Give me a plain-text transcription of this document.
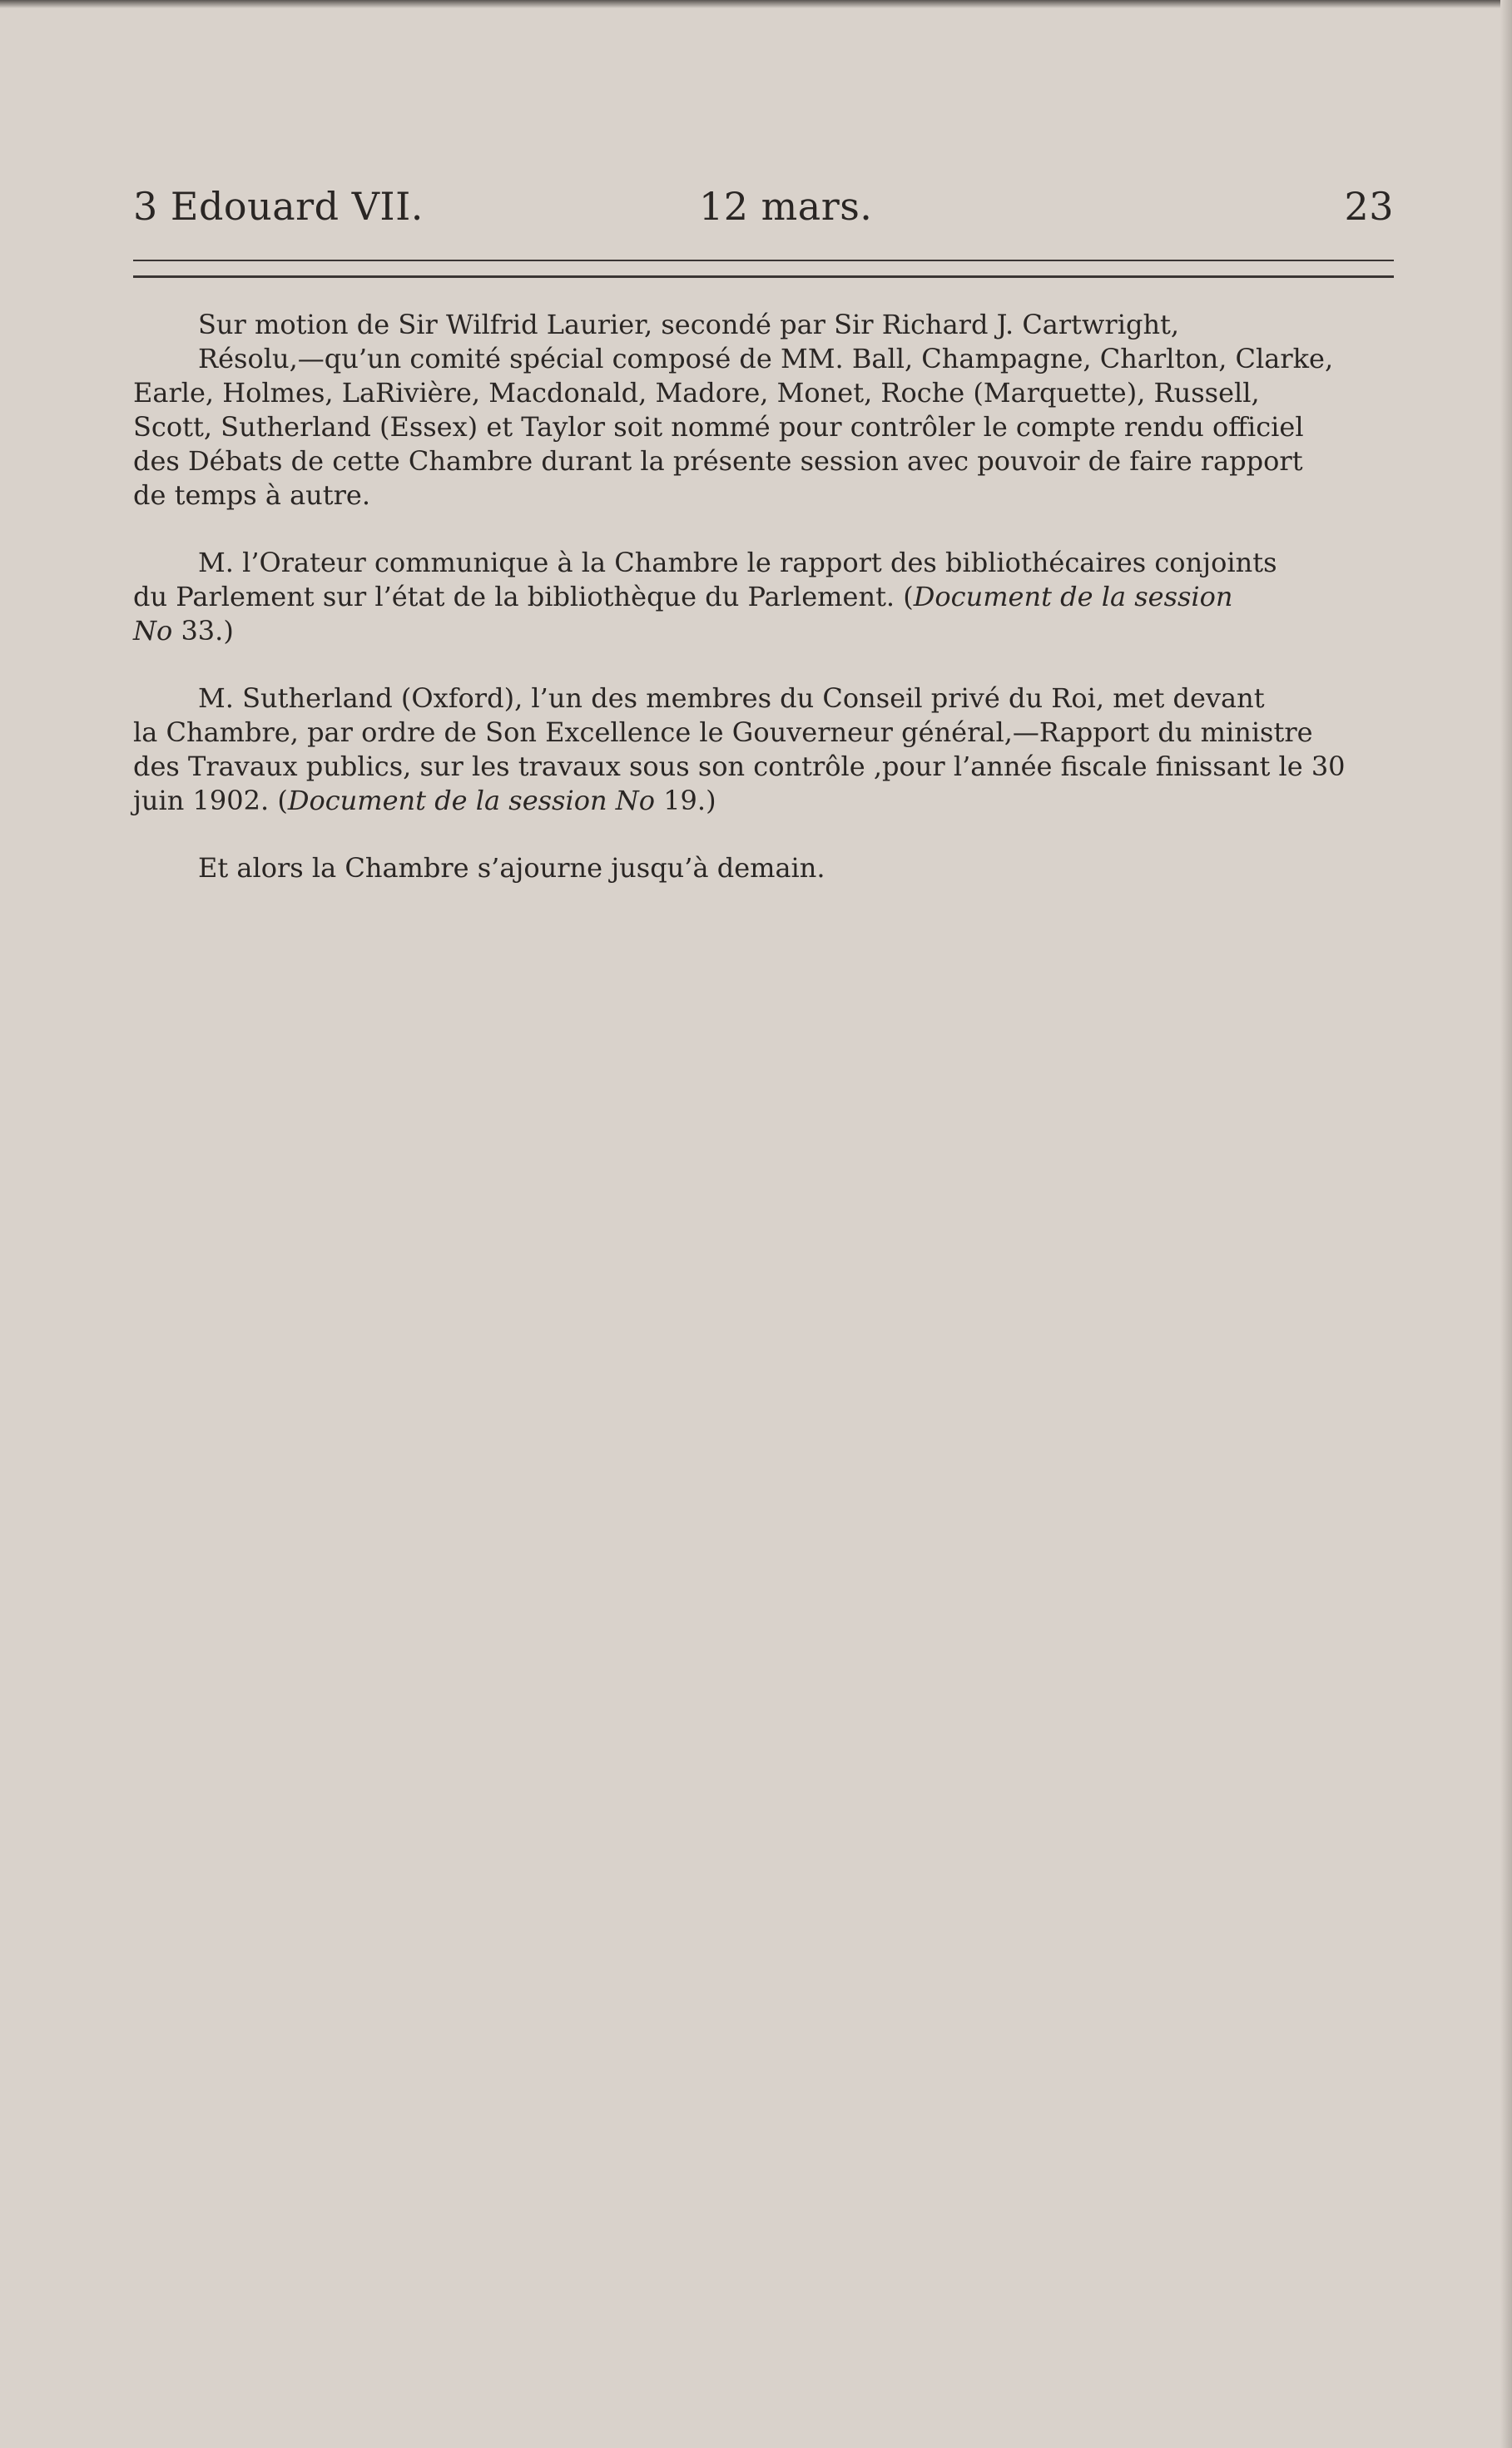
3 Edouard VII.	12 mars.	23
Sur motion de Sir Wilfrid Laurier, secondé par Sir Richard J. Cartwright,
Résolu,—qu’un comité spécial composé de MM. Ball, Champagne, Charlton, Clarke,
Earle, Holmes, LaRivière, Macdonald, Madore, Monet, Roche (Marquette), Russell,
Scott, Sutherland (Essex) et Taylor soit nommé pour contrôler le compte rendu officiel
des Débats de cette Chambre durant la présente session avec pouvoir de faire rapport
de temps à autre.
M. l’Orateur communique à la Chambre le rapport des bibliothécaires conjoints
du Parlement sur l’état de la bibliothèque du Parlement. (Document de la session
No 33.)
M. Sutherland (Oxford), l’un des membres du Conseil privé du Roi, met devant
la Chambre, par ordre de Son Excellence le Gouverneur général,—Rapport du ministre
des Travaux publics, sur les travaux sous son contrôle ,pour l’année fiscale finissant le 30
juin 1902. (Document de la session No 19.)
Et alors la Chambre s’ajourne jusqu’à demain.
